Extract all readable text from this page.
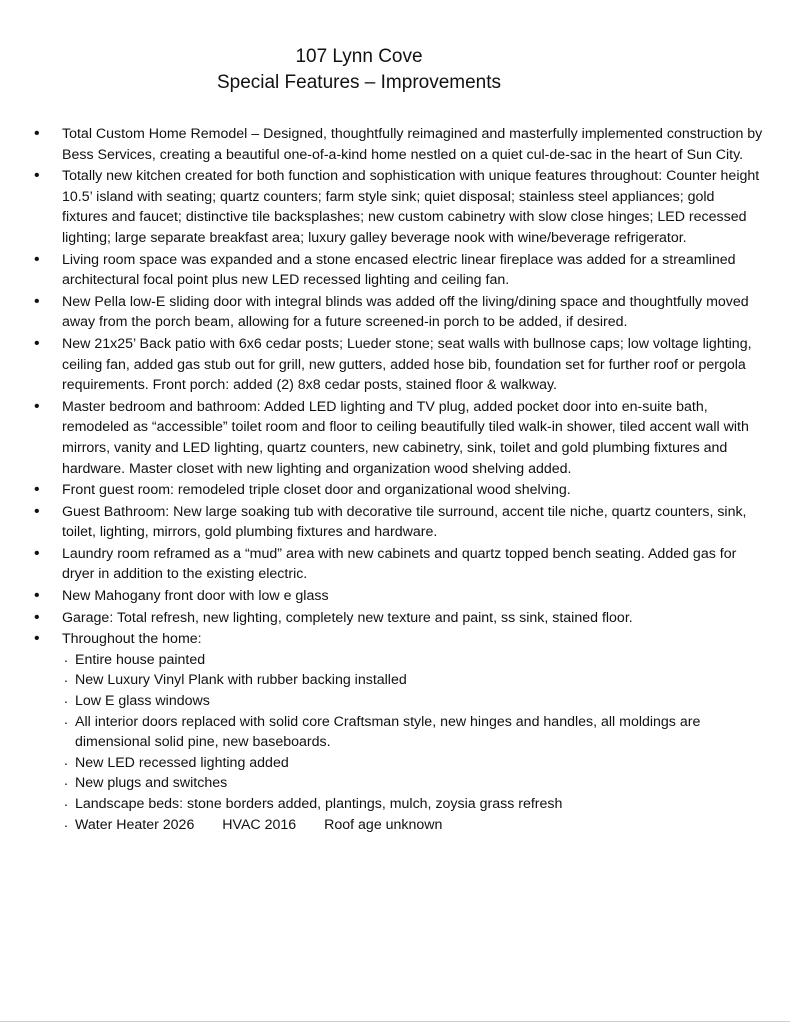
107 Lynn Cove
Special Features – Improvements
• Total Custom Home Remodel – Designed, thoughtfully reimagined and masterfully implemented construction by Bess Services, creating a beautiful one-of-a-kind home nestled on a quiet cul-de-sac in the heart of Sun City.
• Totally new kitchen created for both function and sophistication with unique features throughout: Counter height 10.5’ island with seating; quartz counters; farm style sink; quiet disposal; stainless steel appliances; gold fixtures and faucet; distinctive tile backsplashes; new custom cabinetry with slow close hinges; LED recessed lighting; large separate breakfast area; luxury galley beverage nook with wine/beverage refrigerator.
• Living room space was expanded and a stone encased electric linear fireplace was added for a streamlined architectural focal point plus new LED recessed lighting and ceiling fan.
• New Pella low-E sliding door with integral blinds was added off the living/dining space and thoughtfully moved away from the porch beam, allowing for a future screened-in porch to be added, if desired.
• New 21x25’ Back patio with 6x6 cedar posts; Lueder stone; seat walls with bullnose caps; low voltage lighting, ceiling fan, added gas stub out for grill, new gutters, added hose bib, foundation set for further roof or pergola requirements. Front porch: added (2) 8x8 cedar posts, stained floor & walkway.
• Master bedroom and bathroom: Added LED lighting and TV plug, added pocket door into en-suite bath, remodeled as “accessible” toilet room and floor to ceiling beautifully tiled walk-in shower, tiled accent wall with mirrors, vanity and LED lighting, quartz counters, new cabinetry, sink, toilet and gold plumbing fixtures and hardware. Master closet with new lighting and organization wood shelving added.
• Front guest room: remodeled triple closet door and organizational wood shelving.
• Guest Bathroom: New large soaking tub with decorative tile surround, accent tile niche, quartz counters, sink, toilet, lighting, mirrors, gold plumbing fixtures and hardware.
• Laundry room reframed as a “mud” area with new cabinets and quartz topped bench seating. Added gas for dryer in addition to the existing electric.
• New Mahogany front door with low e glass
• Garage: Total refresh, new lighting, completely new texture and paint, ss sink, stained floor.
• Throughout the home:
. Entire house painted
. New Luxury Vinyl Plank with rubber backing installed
. Low E glass windows
. All interior doors replaced with solid core Craftsman style, new hinges and handles, all moldings are dimensional solid pine, new baseboards.
. New LED recessed lighting added
. New plugs and switches
. Landscape beds: stone borders added, plantings, mulch, zoysia grass refresh
. Water Heater 2026 HVAC 2016 Roof age unknown
